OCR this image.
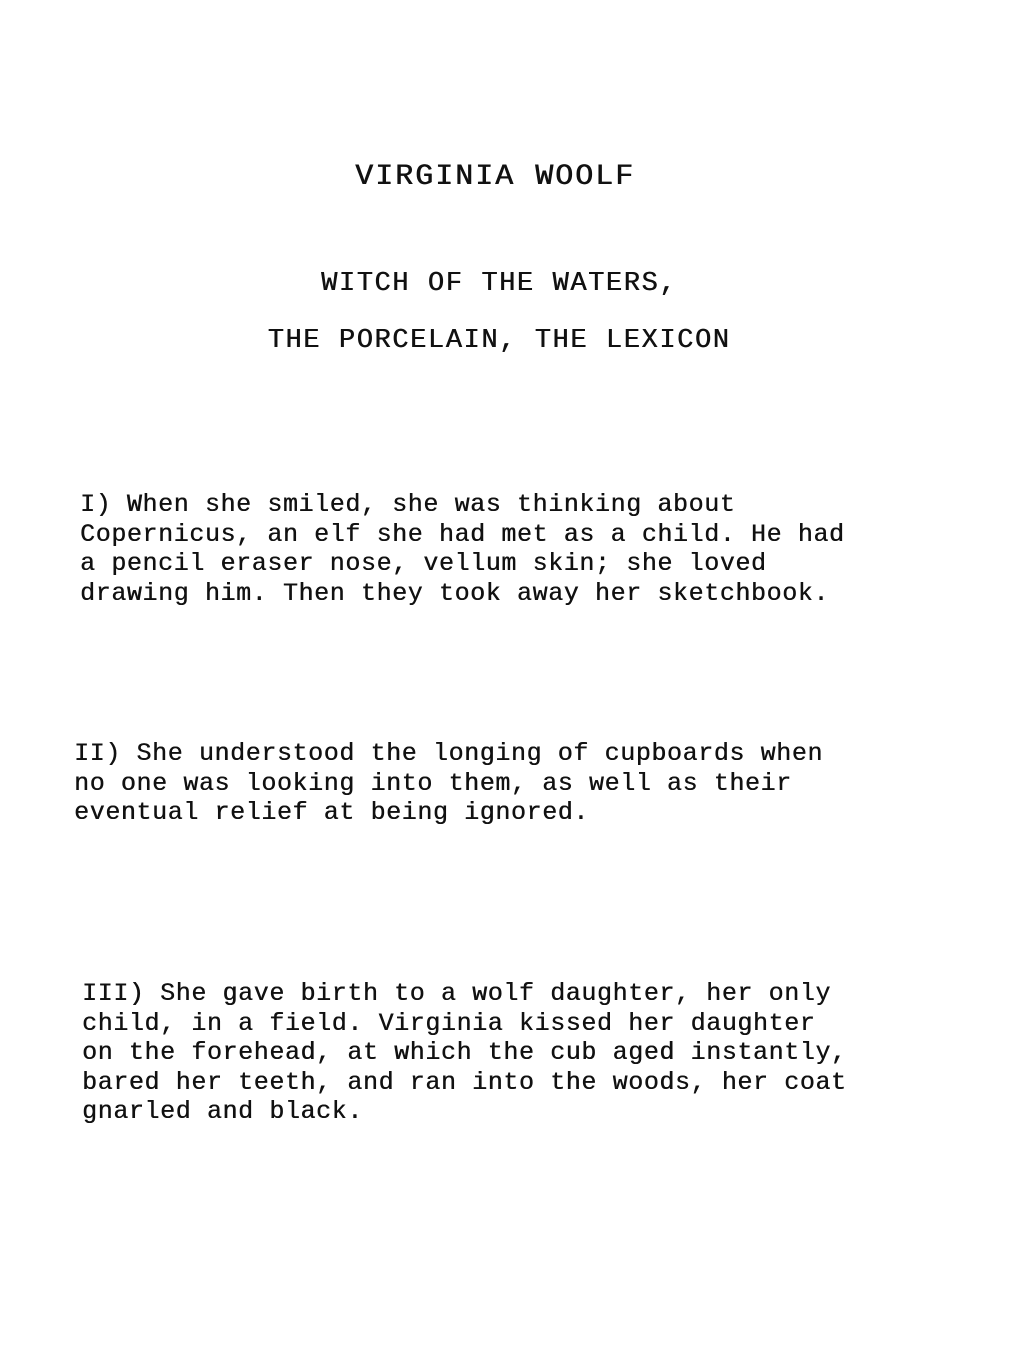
VIRGINIA WOOLF
WITCH OF THE WATERS,
THE PORCELAIN, THE LEXICON
I) When she smiled, she was thinking about
Copernicus, an elf she had met as a child. He had
a pencil eraser nose, vellum skin; she loved
drawing him. Then they took away her sketchbook.
II) She understood the longing of cupboards when
no one was looking into them, as well as their
eventual relief at being ignored.
III) She gave birth to a wolf daughter, her only
child, in a field. Virginia kissed her daughter
on the forehead, at which the cub aged instantly,
bared her teeth, and ran into the woods, her coat
gnarled and black.
